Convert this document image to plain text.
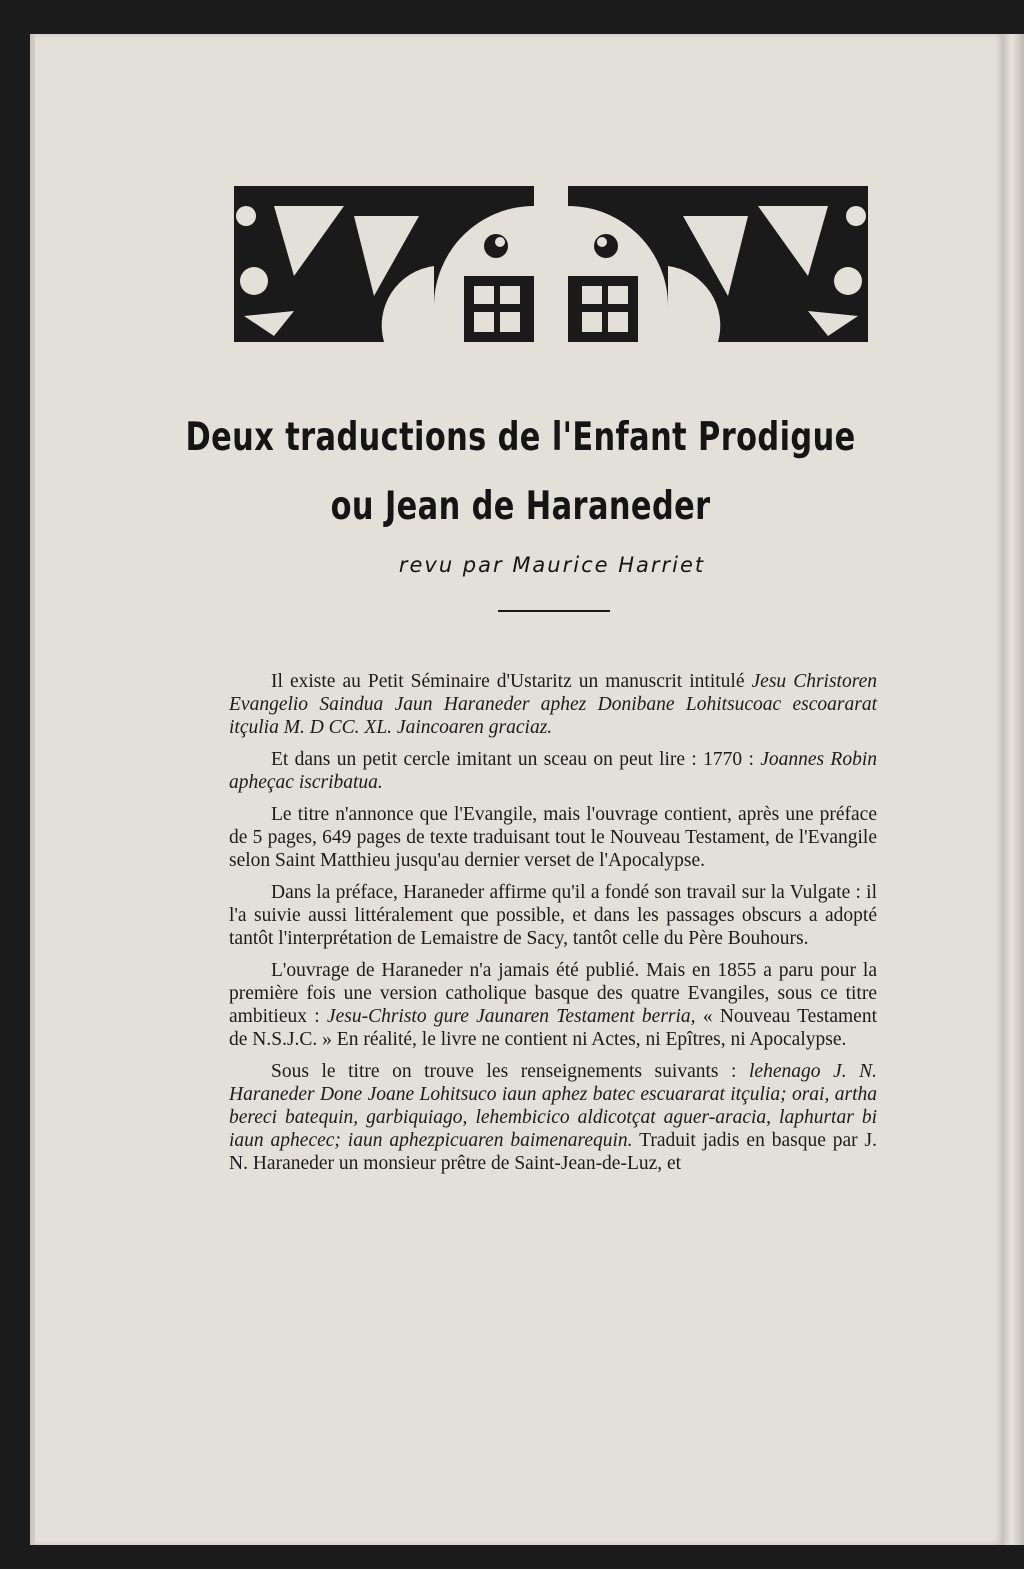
Deux traductions de l'Enfant Prodigue
ou Jean de Haraneder
revu par Maurice Harriet

Il existe au Petit Séminaire d'Ustaritz un manuscrit intitulé Jesu Christoren Evangelio Saindua Jaun Haraneder aphez Donibane Lohitsucoac escoararat itçulia M. D CC. XL. Jaincoaren graciaz.

Et dans un petit cercle imitant un sceau on peut lire : 1770 : Joannes Robin apheçac iscribatua.

Le titre n'annonce que l'Evangile, mais l'ouvrage contient, après une préface de 5 pages, 649 pages de texte traduisant tout le Nouveau Testament, de l'Evangile selon Saint Matthieu jusqu'au dernier verset de l'Apocalypse.

Dans la préface, Haraneder affirme qu'il a fondé son travail sur la Vulgate : il l'a suivie aussi littéralement que possible, et dans les passages obscurs a adopté tantôt l'interprétation de Lemaistre de Sacy, tantôt celle du Père Bouhours.

L'ouvrage de Haraneder n'a jamais été publié. Mais en 1855 a paru pour la première fois une version catholique basque des quatre Evangiles, sous ce titre ambitieux : Jesu-Christo gure Jaunaren Testament berria, « Nouveau Testament de N.S.J.C. » En réalité, le livre ne contient ni Actes, ni Epîtres, ni Apocalypse.

Sous le titre on trouve les renseignements suivants : lehenago J. N. Haraneder Done Joane Lohitsuco iaun aphez batec escuararat itçulia; orai, artha bereci batequin, garbiquiago, lehembicico aldicotçat aguer-aracia, laphurtar bi iaun aphecec; iaun aphezpicuaren baimenarequin. Traduit jadis en basque par J. N. Haraneder un monsieur prêtre de Saint-Jean-de-Luz, et
